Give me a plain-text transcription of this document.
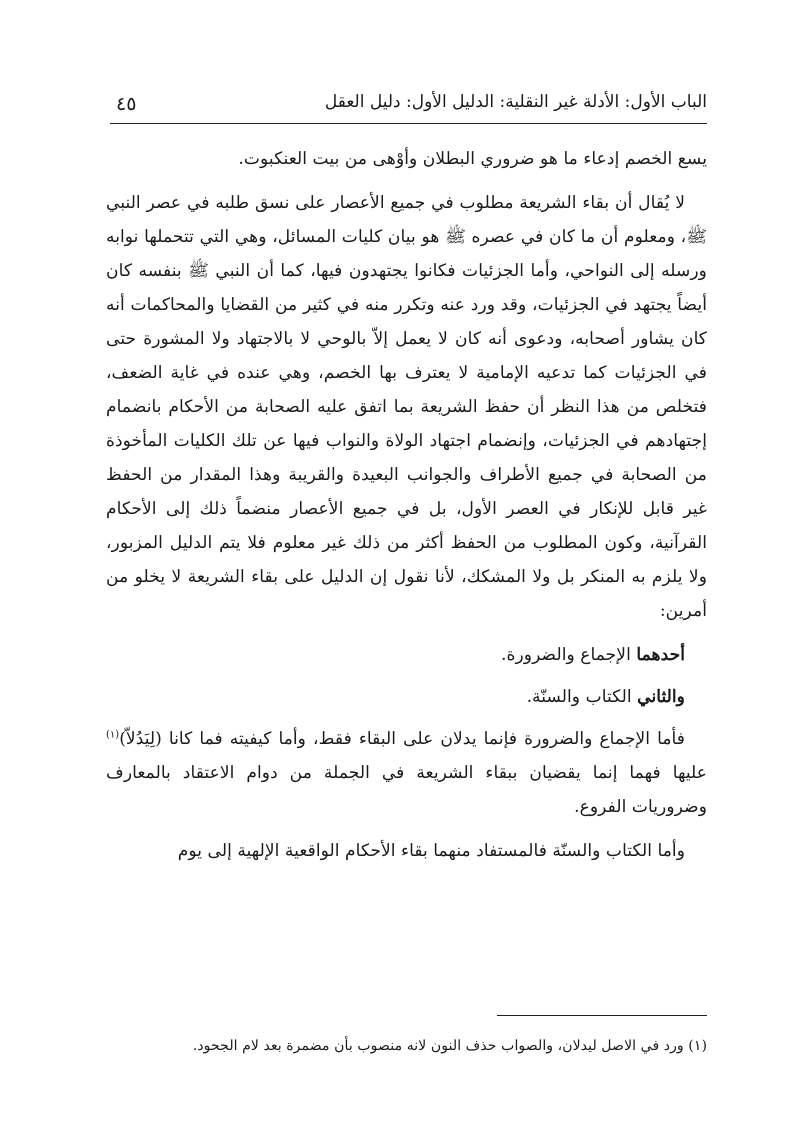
الباب الأول: الأدلة غير النقلية: الدليل الأول: دليل العقل
٤٥

يسع الخصم إدعاء ما هو ضروري البطلان وأوْهى من بيت العنكبوت.

لا يُقال أن بقاء الشريعة مطلوب في جميع الأعصار على نسق طلبه في عصر النبي ﷺ، ومعلوم أن ما كان في عصره ﷺ هو بيان كليات المسائل، وهي التي تتحملها نوابه ورسله إلى النواحي، وأما الجزئيات فكانوا يجتهدون فيها، كما أن النبي ﷺ بنفسه كان أيضاً يجتهد في الجزئيات، وقد ورد عنه وتكرر منه في كثير من القضايا والمحاكمات أنه كان يشاور أصحابه، ودعوى أنه كان لا يعمل إلاّ بالوحي لا بالاجتهاد ولا المشورة حتى في الجزئيات كما تدعيه الإمامية لا يعترف بها الخصم، وهي عنده في غاية الضعف، فتخلص من هذا النظر أن حفظ الشريعة بما اتفق عليه الصحابة من الأحكام بانضمام إجتهادهم في الجزئيات، وإنضمام اجتهاد الولاة والنواب فيها عن تلك الكليات المأخوذة من الصحابة في جميع الأطراف والجوانب البعيدة والقريبة وهذا المقدار من الحفظ غير قابل للإنكار في العصر الأول، بل في جميع الأعصار منضماً ذلك إلى الأحكام القرآنية، وكون المطلوب من الحفظ أكثر من ذلك غير معلوم فلا يتم الدليل المزبور، ولا يلزم به المنكر بل ولا المشكك، لأنا نقول إن الدليل على بقاء الشريعة لا يخلو من أمرين:

أحدهما الإجماع والضرورة.

والثاني الكتاب والسنّة.

فأما الإجماع والضرورة فإنما يدلان على البقاء فقط، وأما كيفيته فما كانا (لِيَدُلاّ)$^{(١)}$ عليها فهما إنما يقضيان ببقاء الشريعة في الجملة من دوام الاعتقاد بالمعارف وضروريات الفروع.

وأما الكتاب والسنّة فالمستفاد منهما بقاء الأحكام الواقعية الإلهية إلى يوم

(١) ورد في الاصل ليدلان، والصواب حذف النون لانه منصوب بأن مضمرة بعد لام الجحود.
